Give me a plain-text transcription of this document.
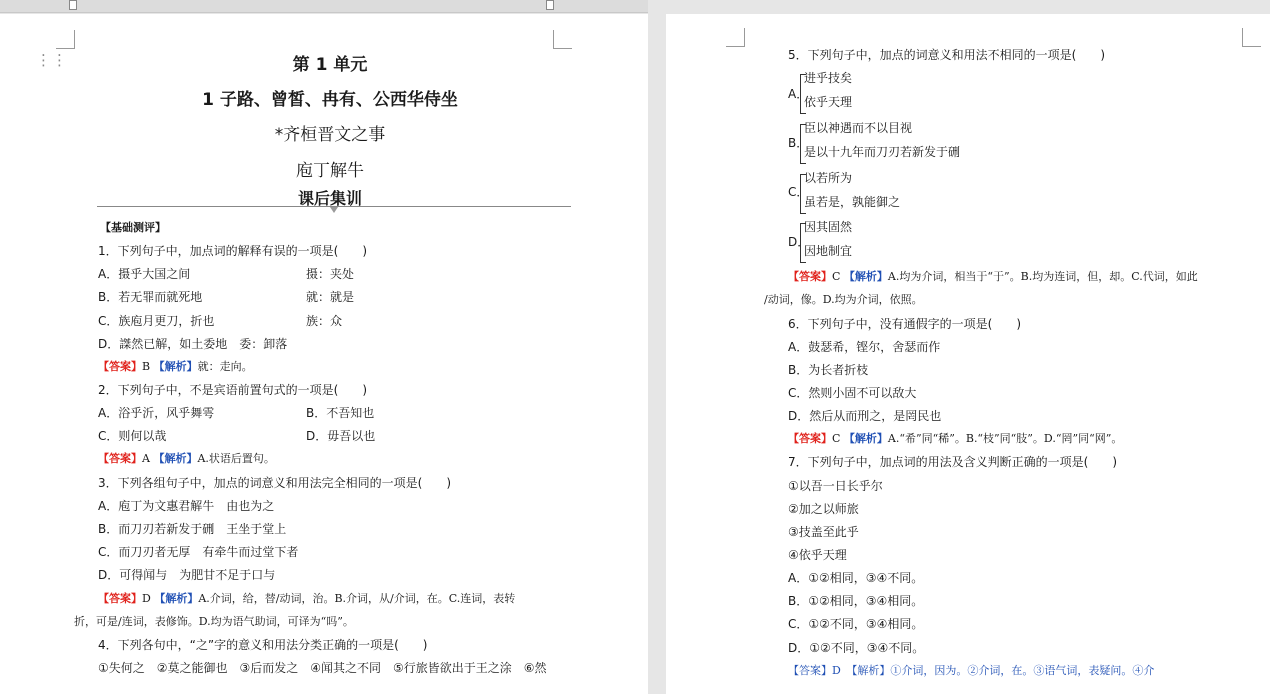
⋮⋮	第 1 单元
1 子路、曾皙、冉有、公西华侍坐
*齐桓晋文之事
庖丁解牛
课后集训
【基础测评】
1．下列句子中，加点词的解释有误的一项是(　　)
A．摄乎大国之间	摄：夹处
B．若无罪而就死地	就：就是
C．族庖月更刀，折也	族：众
D．謋然已解，如土委地　委：卸落
【答案】B 【解析】就：走向。
2．下列句子中，不是宾语前置句式的一项是(　　)
A．浴乎沂，风乎舞雩	B．不吾知也
C．则何以哉	D．毋吾以也
【答案】A 【解析】A.状语后置句。
3．下列各组句子中，加点的词意义和用法完全相同的一项是(　　)
A．庖丁为文惠君解牛　由也为之
B．而刀刃若新发于硎　王坐于堂上
C．而刀刃者无厚　有牵牛而过堂下者
D．可得闻与　为肥甘不足于口与
【答案】D 【解析】A.介词，给，替/动词，治。B.介词，从/介词，在。C.连词，表转
折，可是/连词，表修饰。D.均为语气助词，可译为“吗”。
4．下列各句中，“之”字的意义和用法分类正确的一项是(　　)
①失何之　②莫之能御也　③后而发之　④闻其之不同　⑤行旅皆欲出于王之涂　⑥然
5．下列句子中，加点的词意义和用法不相同的一项是(　　)
A．
进乎技矣
依乎天理
B．
臣以神遇而不以目视
是以十九年而刀刃若新发于硎
C．
以若所为
虽若是，孰能御之
D．
因其固然
因地制宜
【答案】C 【解析】A.均为介词，相当于“于”。B.均为连词，但，却。C.代词，如此
/动词，像。D.均为介词，依照。
6．下列句子中，没有通假字的一项是(　　)
A．鼓瑟希，铿尔，舍瑟而作
B．为长者折枝
C．然则小固不可以敌大
D．然后从而刑之，是罔民也
【答案】C 【解析】A.“希”同“稀”。B.“枝”同“肢”。D.“罔”同“网”。
7．下列句子中，加点词的用法及含义判断正确的一项是(　　)
①以吾一日长乎尔
②加之以师旅
③技盖至此乎
④依乎天理
A．①②相同，③④不同。
B．①②相同，③④相同。
C．①②不同，③④相同。
D．①②不同，③④不同。
【答案】D　【解析】①介词，因为。②介词，在。③语气词，表疑问。④介
